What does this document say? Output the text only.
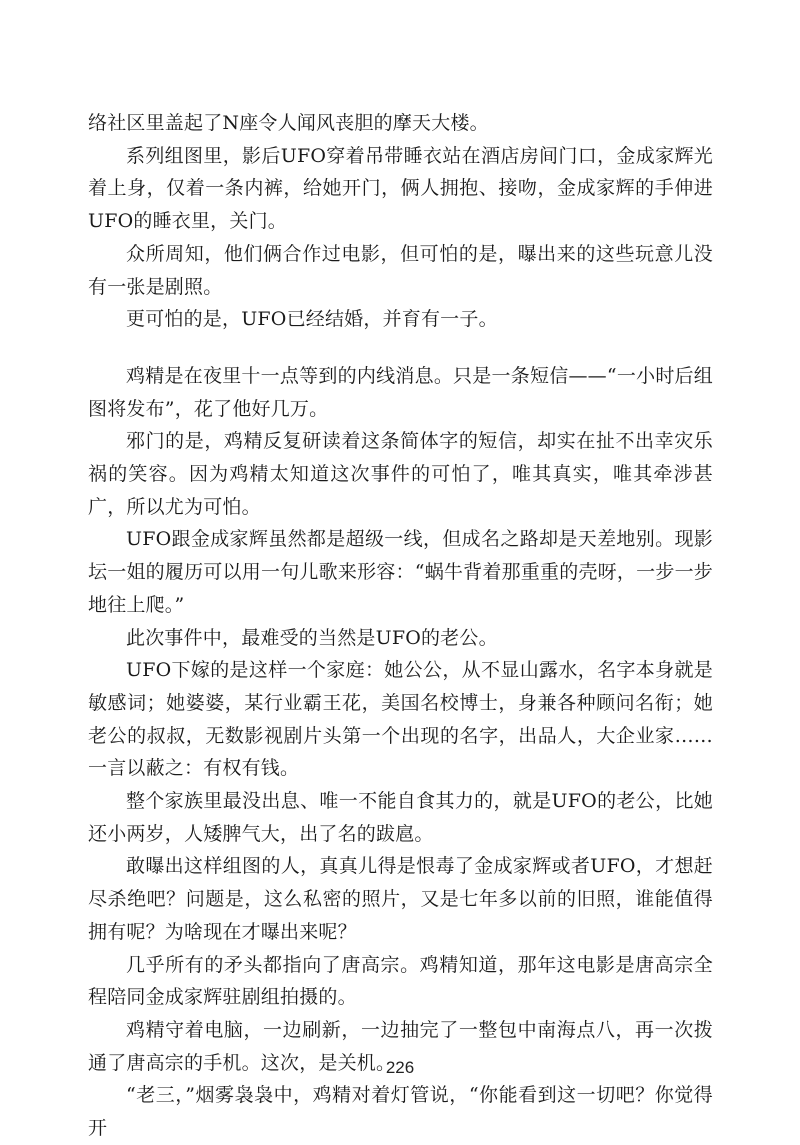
络社区里盖起了N座令人闻风丧胆的摩天大楼。

系列组图里，影后UFO穿着吊带睡衣站在酒店房间门口，金成家辉光着上身，仅着一条内裤，给她开门，俩人拥抱、接吻，金成家辉的手伸进UFO的睡衣里，关门。

众所周知，他们俩合作过电影，但可怕的是，曝出来的这些玩意儿没有一张是剧照。

更可怕的是，UFO已经结婚，并育有一子。

鸡精是在夜里十一点等到的内线消息。只是一条短信——“一小时后组图将发布”，花了他好几万。

邪门的是，鸡精反复研读着这条简体字的短信，却实在扯不出幸灾乐祸的笑容。因为鸡精太知道这次事件的可怕了，唯其真实，唯其牵涉甚广，所以尤为可怕。

UFO跟金成家辉虽然都是超级一线，但成名之路却是天差地别。现影坛一姐的履历可以用一句儿歌来形容：“蜗牛背着那重重的壳呀，一步一步地往上爬。”

此次事件中，最难受的当然是UFO的老公。

UFO下嫁的是这样一个家庭：她公公，从不显山露水，名字本身就是敏感词；她婆婆，某行业霸王花，美国名校博士，身兼各种顾问名衔；她老公的叔叔，无数影视剧片头第一个出现的名字，出品人，大企业家……一言以蔽之：有权有钱。

整个家族里最没出息、唯一不能自食其力的，就是UFO的老公，比她还小两岁，人矮脾气大，出了名的跋扈。

敢曝出这样组图的人，真真儿得是恨毒了金成家辉或者UFO，才想赶尽杀绝吧？问题是，这么私密的照片，又是七年多以前的旧照，谁能值得拥有呢？为啥现在才曝出来呢？

几乎所有的矛头都指向了唐高宗。鸡精知道，那年这电影是唐高宗全程陪同金成家辉驻剧组拍摄的。

鸡精守着电脑，一边刷新，一边抽完了一整包中南海点八，再一次拨通了唐高宗的手机。这次，是关机。

“老三，”烟雾袅袅中，鸡精对着灯管说，“你能看到这一切吧？你觉得开

226
